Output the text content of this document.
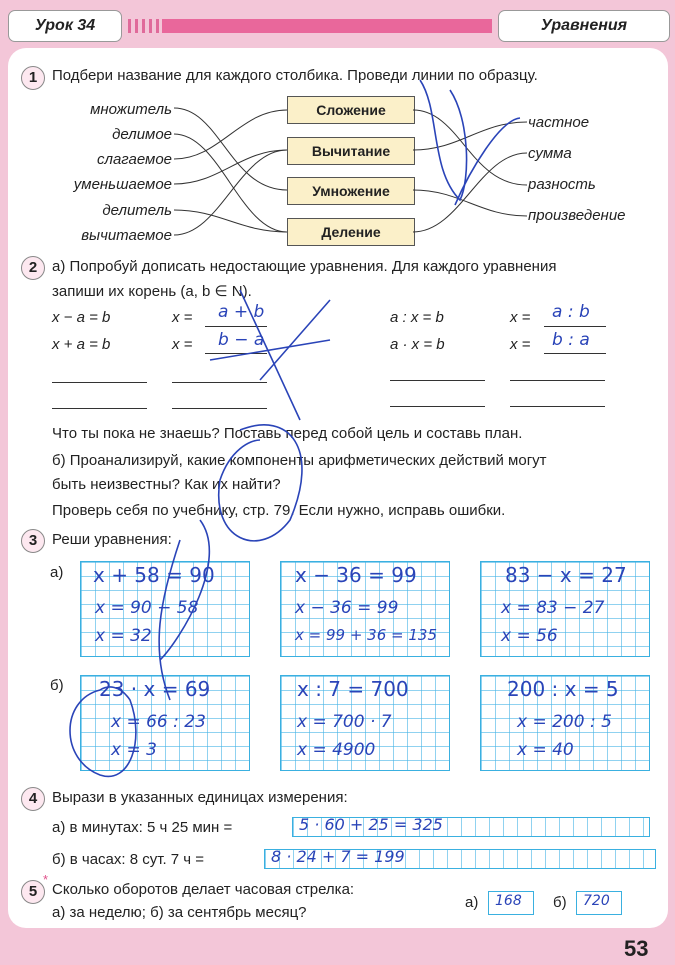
Урок 34	Уравнения
1 Подбери название для каждого столбика. Проведи линии по образцу.
множитель
делимое
слагаемое
уменьшаемое
делитель
вычитаемое
Сложение
Вычитание
Умножение
Деление
частное
сумма
разность
произведение
2 а) Попробуй дописать недостающие уравнения. Для каждого уравнения
запиши их корень (a, b ∈ N).
x − a = b	x = a + b
x + a = b	x = b − a
a : x = b	x = a : b
a · x = b	x = b : a
Что ты пока не знаешь? Поставь перед собой цель и составь план.
б) Проанализируй, какие компоненты арифметических действий могут
быть неизвестны? Как их найти?
Проверь себя по учебнику, стр. 79. Если нужно, исправь ошибки.
3 Реши уравнения:
а)
б)
x + 58 = 90
x = 90 − 58
x = 32
x − 36 = 99
x − 36 = 99
x = 99 + 36 = 135
83 − x = 27
x = 83 − 27
x = 56
23 · x = 69
x = 66 : 23
x = 3
x : 7 = 700
x = 700 · 7
x = 4900
200 : x = 5
x = 200 : 5
x = 40
4 Вырази в указанных единицах измерения:
а) в минутах: 5 ч 25 мин =	5 · 60 + 25 = 325
б) в часах: 8 сут. 7 ч =	8 · 24 + 7 = 199
5
*
Сколько оборотов делает часовая стрелка:
а) за неделю; б) за сентябрь месяц?
а) 168 б) 720
53
